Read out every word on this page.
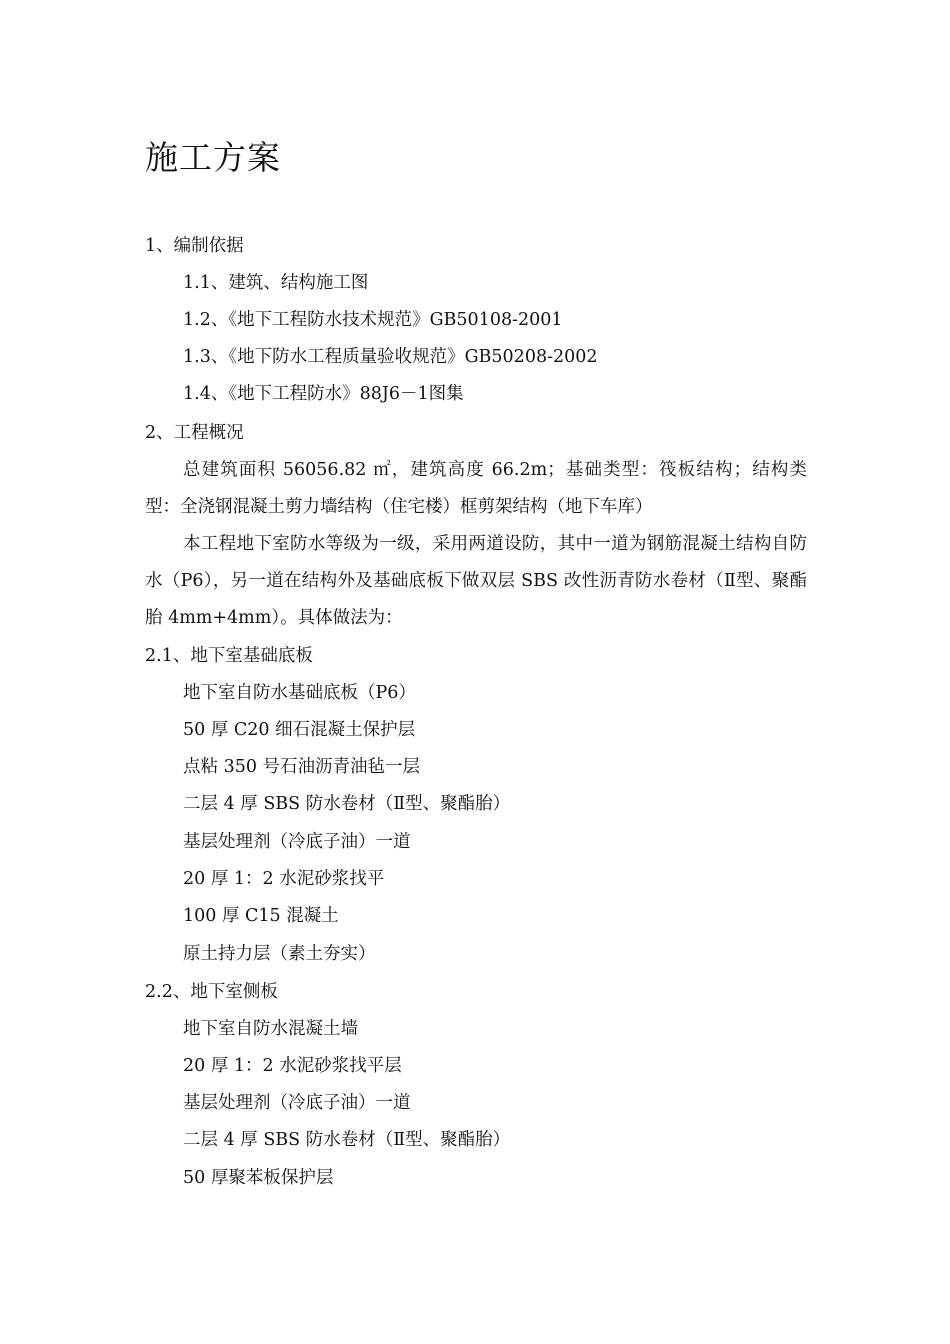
施工方案
1、编制依据
1.1、建筑、结构施工图
1.2、《地下工程防水技术规范》GB50108-2001
1.3、《地下防水工程质量验收规范》GB50208-2002
1.4、《地下工程防水》88J6－1图集
2、工程概况

总建筑面积 56056.82 ㎡，建筑高度 66.2m；基础类型：筏板结构；结构类型：全浇钢混凝土剪力墙结构（住宅楼）框剪架结构（地下车库）

本工程地下室防水等级为一级，采用两道设防，其中一道为钢筋混凝土结构自防水（P6），另一道在结构外及基础底板下做双层 SBS 改性沥青防水卷材（Ⅱ型、聚酯胎 4mm+4mm）。具体做法为：

2.1、地下室基础底板
地下室自防水基础底板（P6）
50 厚 C20 细石混凝土保护层
点粘 350 号石油沥青油毡一层
二层 4 厚 SBS 防水卷材（Ⅱ型、聚酯胎）
基层处理剂（冷底子油）一道
20 厚 1：2 水泥砂浆找平
100 厚 C15 混凝土
原土持力层（素土夯实）
2.2、地下室侧板
地下室自防水混凝土墙
20 厚 1：2 水泥砂浆找平层
基层处理剂（冷底子油）一道
二层 4 厚 SBS 防水卷材（Ⅱ型、聚酯胎）
50 厚聚苯板保护层
